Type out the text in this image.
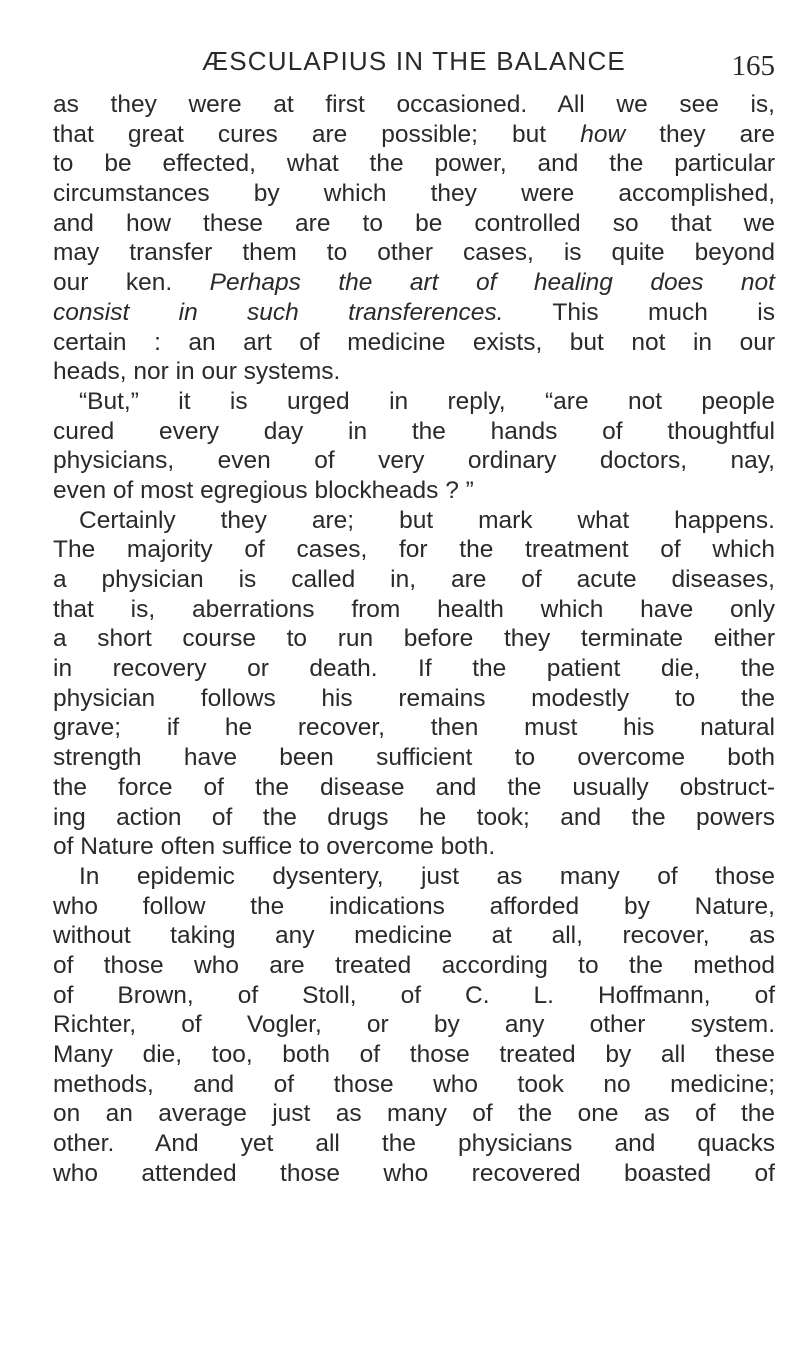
ÆSCULAPIUS IN THE BALANCE	165
as they were at first occasioned. All we see is,
that great cures are possible; but how they are
to be effected, what the power, and the particular
circumstances by which they were accomplished,
and how these are to be controlled so that we
may transfer them to other cases, is quite beyond
our ken. Perhaps the art of healing does not
consist in such transferences. This much is
certain : an art of medicine exists, but not in our
heads, nor in our systems.
“But,” it is urged in reply, “are not people
cured every day in the hands of thoughtful
physicians, even of very ordinary doctors, nay,
even of most egregious blockheads ? ”
Certainly they are; but mark what happens.
The majority of cases, for the treatment of which
a physician is called in, are of acute diseases,
that is, aberrations from health which have only
a short course to run before they terminate either
in recovery or death. If the patient die, the
physician follows his remains modestly to the
grave; if he recover, then must his natural
strength have been sufficient to overcome both
the force of the disease and the usually obstruct-
ing action of the drugs he took; and the powers
of Nature often suffice to overcome both.
In epidemic dysentery, just as many of those
who follow the indications afforded by Nature,
without taking any medicine at all, recover, as
of those who are treated according to the method
of Brown, of Stoll, of C. L. Hoffmann, of
Richter, of Vogler, or by any other system.
Many die, too, both of those treated by all these
methods, and of those who took no medicine;
on an average just as many of the one as of the
other. And yet all the physicians and quacks
who attended those who recovered boasted of
